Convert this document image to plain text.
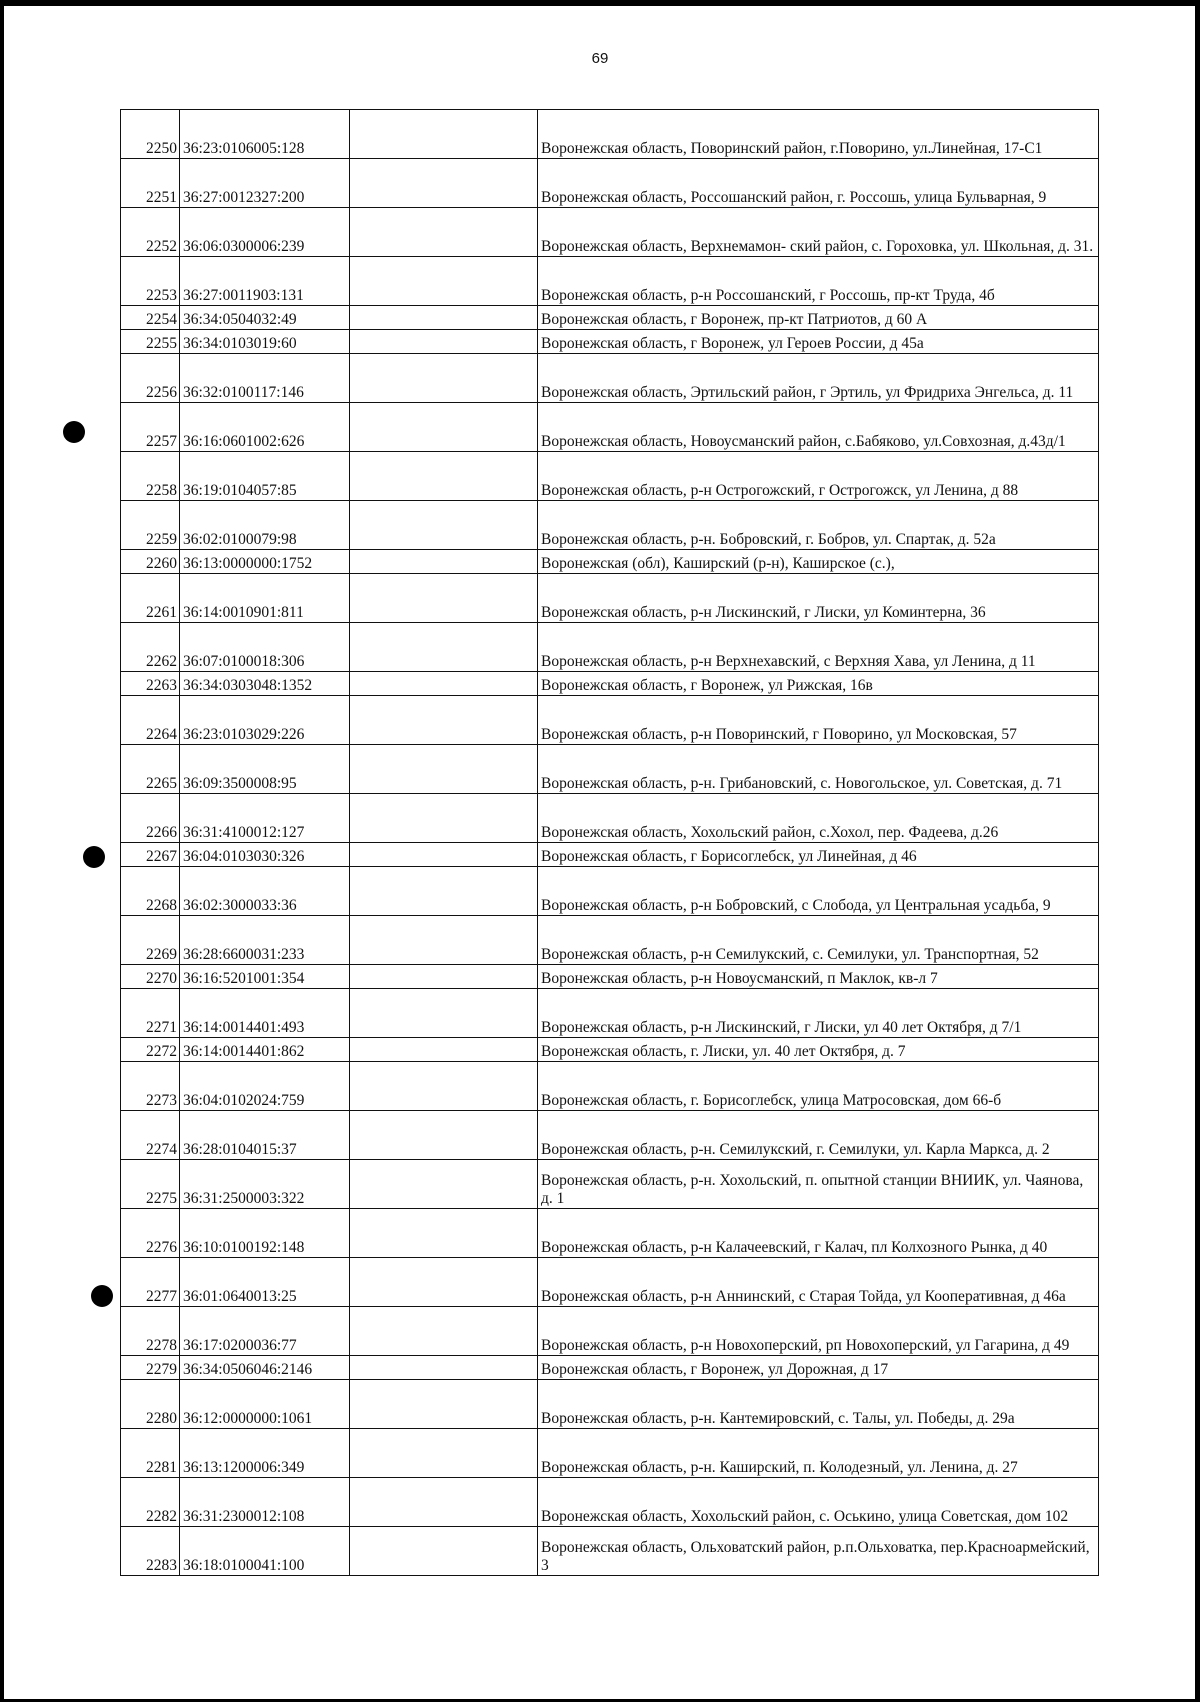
69
2250	36:23:0106005:128		Воронежская область, Поворинский район, г.Поворино, ул.Линейная, 17-С1
2251	36:27:0012327:200		Воронежская область, Россошанский район, г. Россошь, улица Бульварная, 9
2252	36:06:0300006:239		Воронежская область, Верхнемамон- ский район, с. Гороховка, ул. Школьная, д. 31.
2253	36:27:0011903:131		Воронежская область, р-н Россошанский, г Россошь, пр-кт Труда, 4б
2254	36:34:0504032:49		Воронежская область, г Воронеж, пр-кт Патриотов, д 60 А
2255	36:34:0103019:60		Воронежская область, г Воронеж, ул Героев России, д 45а
2256	36:32:0100117:146		Воронежская область, Эртильский район, г Эртиль, ул Фридриха Энгельса, д. 11
2257	36:16:0601002:626		Воронежская область, Новоусманский район, с.Бабяково, ул.Совхозная, д.43д/1
2258	36:19:0104057:85		Воронежская область, р-н Острогожский, г Острогожск, ул Ленина, д 88
2259	36:02:0100079:98		Воронежская область, р-н. Бобровский, г. Бобров, ул. Спартак, д. 52а
2260	36:13:0000000:1752		Воронежская (обл), Каширский (р-н), Каширское (с.),
2261	36:14:0010901:811		Воронежская область, р-н Лискинский, г Лиски, ул Коминтерна, 36
2262	36:07:0100018:306		Воронежская область, р-н Верхнехавский, с Верхняя Хава, ул Ленина, д 11
2263	36:34:0303048:1352		Воронежская область, г Воронеж, ул Рижская, 16в
2264	36:23:0103029:226		Воронежская область, р-н Поворинский, г Поворино, ул Московская, 57
2265	36:09:3500008:95		Воронежская область, р-н. Грибановский, с. Новогольское, ул. Советская, д. 71
2266	36:31:4100012:127		Воронежская область, Хохольский район, с.Хохол, пер. Фадеева, д.26
2267	36:04:0103030:326		Воронежская область, г Борисоглебск, ул Линейная, д 46
2268	36:02:3000033:36		Воронежская область, р-н Бобровский, с Слобода, ул Центральная усадьба, 9
2269	36:28:6600031:233		Воронежская область, р-н Семилукский, с. Семилуки, ул. Транспортная, 52
2270	36:16:5201001:354		Воронежская область, р-н Новоусманский, п Маклок, кв-л 7
2271	36:14:0014401:493		Воронежская область, р-н Лискинский, г Лиски, ул 40 лет Октября, д 7/1
2272	36:14:0014401:862		Воронежская область, г. Лиски, ул. 40 лет Октября, д. 7
2273	36:04:0102024:759		Воронежская область, г. Борисоглебск, улица Матросовская, дом 66-б
2274	36:28:0104015:37		Воронежская область, р-н. Семилукский, г. Семилуки, ул. Карла Маркса, д. 2
2275	36:31:2500003:322		Воронежская область, р-н. Хохольский, п. опытной станции ВНИИК, ул. Чаянова, д. 1
2276	36:10:0100192:148		Воронежская область, р-н Калачеевский, г Калач, пл Колхозного Рынка, д 40
2277	36:01:0640013:25		Воронежская область, р-н Аннинский, с Старая Тойда, ул Кооперативная, д 46а
2278	36:17:0200036:77		Воронежская область, р-н Новохоперский, рп Новохоперский, ул Гагарина, д 49
2279	36:34:0506046:2146		Воронежская область, г Воронеж, ул Дорожная, д 17
2280	36:12:0000000:1061		Воронежская область, р-н. Кантемировский, с. Талы, ул. Победы, д. 29а
2281	36:13:1200006:349		Воронежская область, р-н. Каширский, п. Колодезный, ул. Ленина, д. 27
2282	36:31:2300012:108		Воронежская область, Хохольский район, с. Оськино, улица Советская, дом 102
2283	36:18:0100041:100		Воронежская область, Ольховатский район, р.п.Ольховатка, пер.Красноармейский, 3
